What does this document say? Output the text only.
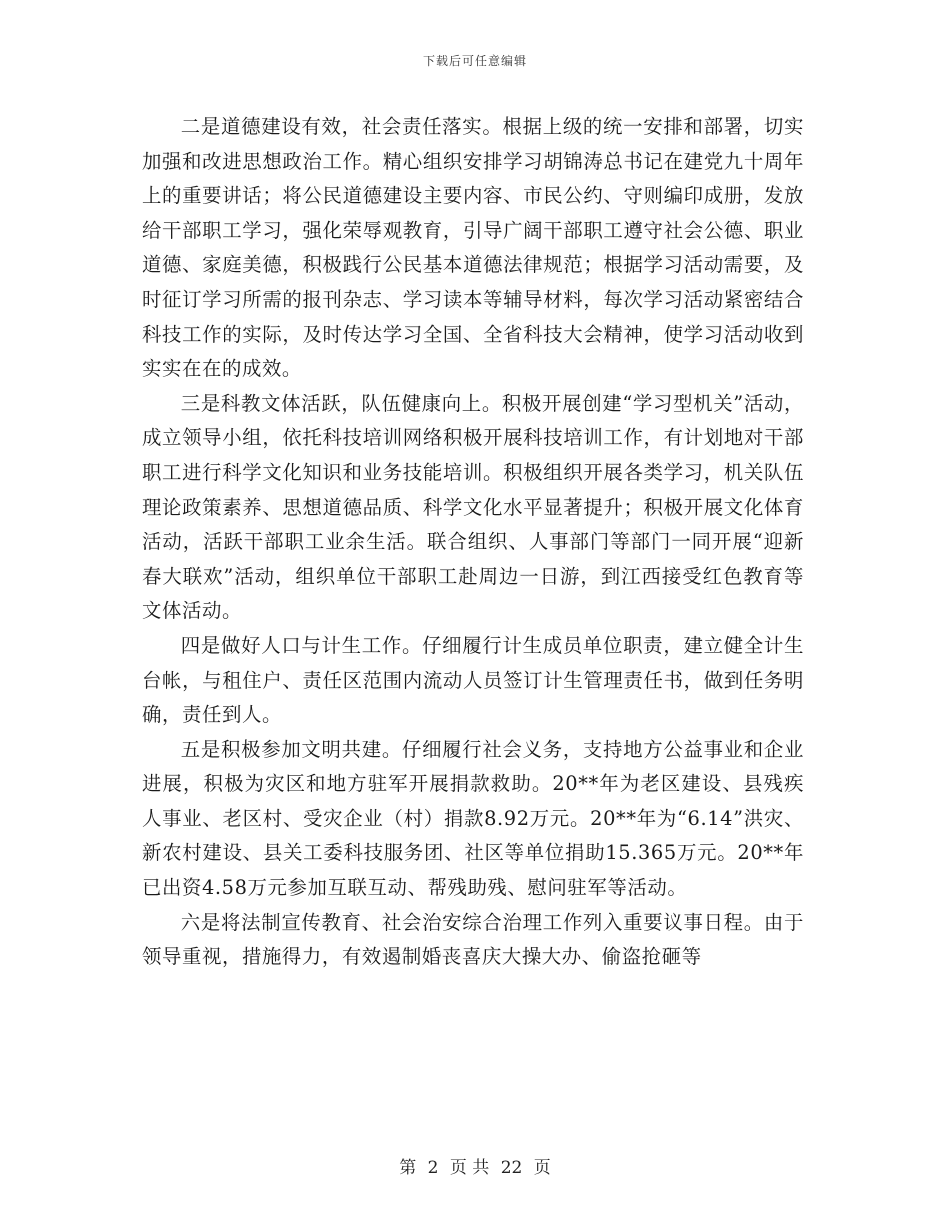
下载后可任意编辑

二是道德建设有效，社会责任落实。根据上级的统一安排和部署，切实加强和改进思想政治工作。精心组织安排学习胡锦涛总书记在建党九十周年上的重要讲话；将公民道德建设主要内容、市民公约、守则编印成册，发放给干部职工学习，强化荣辱观教育，引导广阔干部职工遵守社会公德、职业道德、家庭美德，积极践行公民基本道德法律规范；根据学习活动需要，及时征订学习所需的报刊杂志、学习读本等辅导材料，每次学习活动紧密结合科技工作的实际，及时传达学习全国、全省科技大会精神，使学习活动收到实实在在的成效。

三是科教文体活跃，队伍健康向上。积极开展创建“学习型机关”活动，成立领导小组，依托科技培训网络积极开展科技培训工作，有计划地对干部职工进行科学文化知识和业务技能培训。积极组织开展各类学习，机关队伍理论政策素养、思想道德品质、科学文化水平显著提升；积极开展文化体育活动，活跃干部职工业余生活。联合组织、人事部门等部门一同开展“迎新春大联欢”活动，组织单位干部职工赴周边一日游，到江西接受红色教育等文体活动。

四是做好人口与计生工作。仔细履行计生成员单位职责，建立健全计生台帐，与租住户、责任区范围内流动人员签订计生管理责任书，做到任务明确，责任到人。

五是积极参加文明共建。仔细履行社会义务，支持地方公益事业和企业进展，积极为灾区和地方驻军开展捐款救助。20**年为老区建设、县残疾人事业、老区村、受灾企业（村）捐款8.92万元。20**年为“6.14”洪灾、新农村建设、县关工委科技服务团、社区等单位捐助15.365万元。20**年已出资4.58万元参加互联互动、帮残助残、慰问驻军等活动。

六是将法制宣传教育、社会治安综合治理工作列入重要议事日程。由于领导重视，措施得力，有效遏制婚丧喜庆大操大办、偷盗抢砸等

第 2 页 共 22 页
